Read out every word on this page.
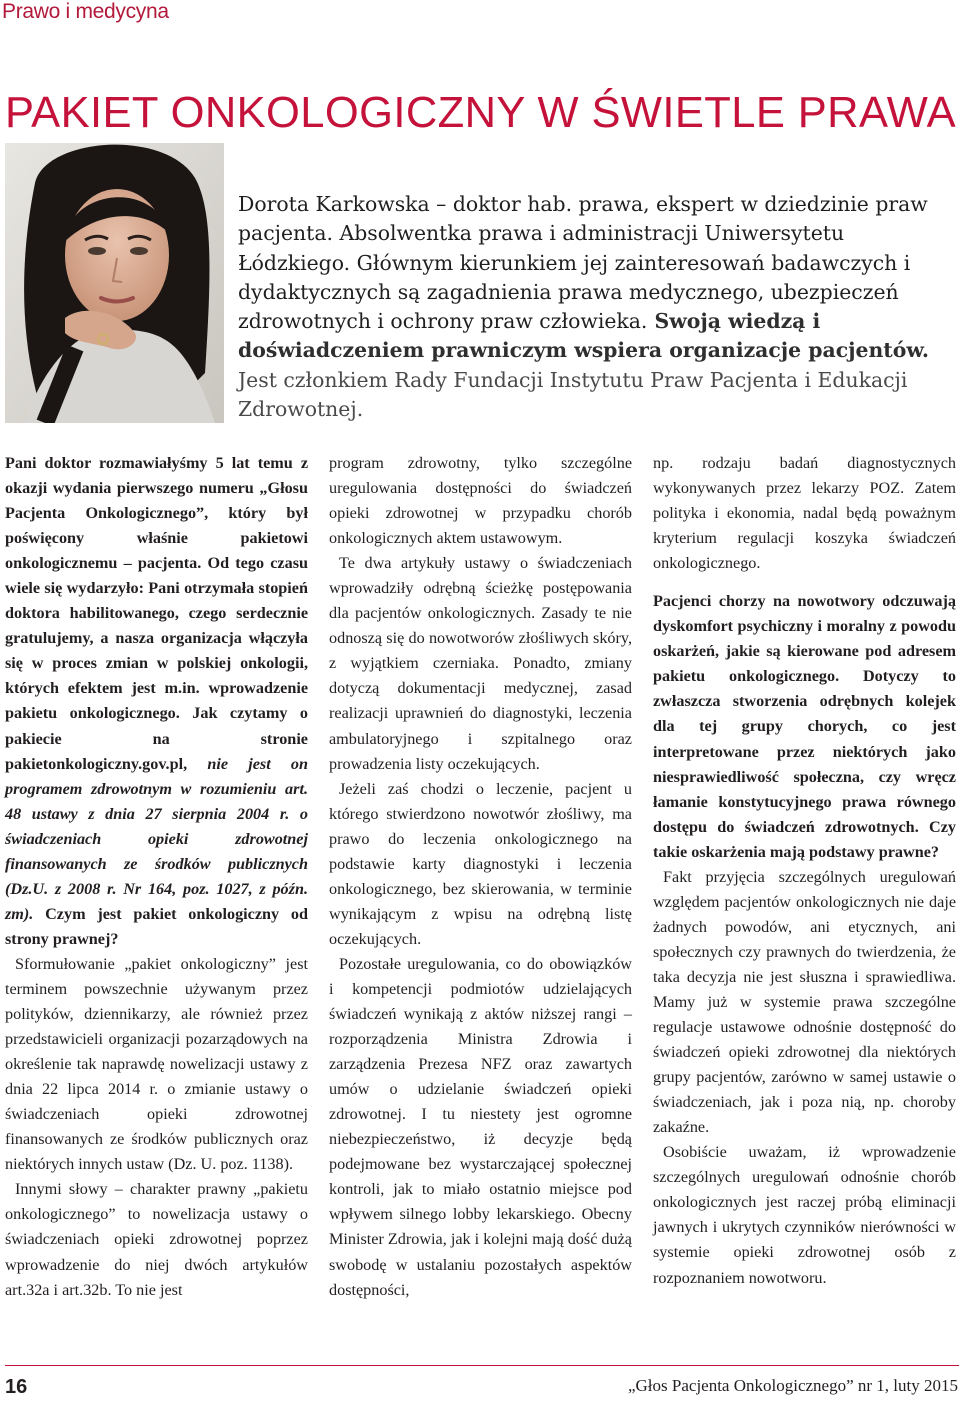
Prawo i medycyna
PAKIET ONKOLOGICZNY W ŚWIETLE PRAWA
Dorota Karkowska – doktor hab. prawa, ekspert w dziedzinie praw pacjenta. Absolwentka prawa i administracji Uniwersytetu Łódzkiego. Głównym kierunkiem jej zainteresowań badawczych i dydaktycznych są zagadnienia prawa medycznego, ubezpieczeń zdrowotnych i ochrony praw człowieka. Swoją wiedzą i doświadczeniem prawniczym wspiera organizacje pacjentów. Jest członkiem Rady Fundacji Instytutu Praw Pacjenta i Edukacji Zdrowotnej.

Pani doktor rozmawiałyśmy 5 lat temu z okazji wydania pierwszego numeru „Głosu Pacjenta Onkologicznego”, który był poświęcony właśnie pakietowi onkologicznemu – pacjenta. Od tego czasu wiele się wydarzyło: Pani otrzymała stopień doktora habilitowanego, czego serdecznie gratulujemy, a nasza organizacja włączyła się w proces zmian w polskiej onkologii, których efektem jest m.in. wprowadzenie pakietu onkologicznego. Jak czytamy o pakiecie na stronie pakietonkologiczny.gov.pl, nie jest on programem zdrowotnym w rozumieniu art. 48 ustawy z dnia 27 sierpnia 2004 r. o świadczeniach opieki zdrowotnej finansowanych ze środków publicznych (Dz.U. z 2008 r. Nr 164, poz. 1027, z późn. zm). Czym jest pakiet onkologiczny od strony prawnej?

Sformułowanie „pakiet onkologiczny” jest terminem powszechnie używanym przez polityków, dziennikarzy, ale również przez przedstawicieli organizacji pozarządowych na określenie tak naprawdę nowelizacji ustawy z dnia 22 lipca 2014 r. o zmianie ustawy o świadczeniach opieki zdrowotnej finansowanych ze środków publicznych oraz niektórych innych ustaw (Dz. U. poz. 1138).

Innymi słowy – charakter prawny „pakietu onkologicznego” to nowelizacja ustawy o świadczeniach opieki zdrowotnej poprzez wprowadzenie do niej dwóch artykułów art.32a i art.32b. To nie jest

program zdrowotny, tylko szczególne uregulowania dostępności do świadczeń opieki zdrowotnej w przypadku chorób onkologicznych aktem ustawowym.

Te dwa artykuły ustawy o świadczeniach wprowadziły odrębną ścieżkę postępowania dla pacjentów onkologicznych. Zasady te nie odnoszą się do nowotworów złośliwych skóry, z wyjątkiem czerniaka. Ponadto, zmiany dotyczą dokumentacji medycznej, zasad realizacji uprawnień do diagnostyki, leczenia ambulatoryjnego i szpitalnego oraz prowadzenia listy oczekujących.

Jeżeli zaś chodzi o leczenie, pacjent u którego stwierdzono nowotwór złośliwy, ma prawo do leczenia onkologicznego na podstawie karty diagnostyki i leczenia onkologicznego, bez skierowania, w terminie wynikającym z wpisu na odrębną listę oczekujących.

Pozostałe uregulowania, co do obowiązków i kompetencji podmiotów udzielających świadczeń wynikają z aktów niższej rangi – rozporządzenia Ministra Zdrowia i zarządzenia Prezesa NFZ oraz zawartych umów o udzielanie świadczeń opieki zdrowotnej. I tu niestety jest ogromne niebezpieczeństwo, iż decyzje będą podejmowane bez wystarczającej społecznej kontroli, jak to miało ostatnio miejsce pod wpływem silnego lobby lekarskiego. Obecny Minister Zdrowia, jak i kolejni mają dość dużą swobodę w ustalaniu pozostałych aspektów dostępności,

np. rodzaju badań diagnostycznych wykonywanych przez lekarzy POZ. Zatem polityka i ekonomia, nadal będą poważnym kryterium regulacji koszyka świadczeń onkologicznego.

Pacjenci chorzy na nowotwory odczuwają dyskomfort psychiczny i moralny z powodu oskarżeń, jakie są kierowane pod adresem pakietu onkologicznego. Dotyczy to zwłaszcza stworzenia odrębnych kolejek dla tej grupy chorych, co jest interpretowane przez niektórych jako niesprawiedliwość społeczna, czy wręcz łamanie konstytucyjnego prawa równego dostępu do świadczeń zdrowotnych. Czy takie oskarżenia mają podstawy prawne?

Fakt przyjęcia szczególnych uregulowań względem pacjentów onkologicznych nie daje żadnych powodów, ani etycznych, ani społecznych czy prawnych do twierdzenia, że taka decyzja nie jest słuszna i sprawiedliwa. Mamy już w systemie prawa szczególne regulacje ustawowe odnośnie dostępność do świadczeń opieki zdrowotnej dla niektórych grupy pacjentów, zarówno w samej ustawie o świadczeniach, jak i poza nią, np. choroby zakaźne.

Osobiście uważam, iż wprowadzenie szczególnych uregulowań odnośnie chorób onkologicznych jest raczej próbą eliminacji jawnych i ukrytych czynników nierówności w systemie opieki zdrowotnej osób z rozpoznaniem nowotworu.

16	„Głos Pacjenta Onkologicznego” nr 1, luty 2015
